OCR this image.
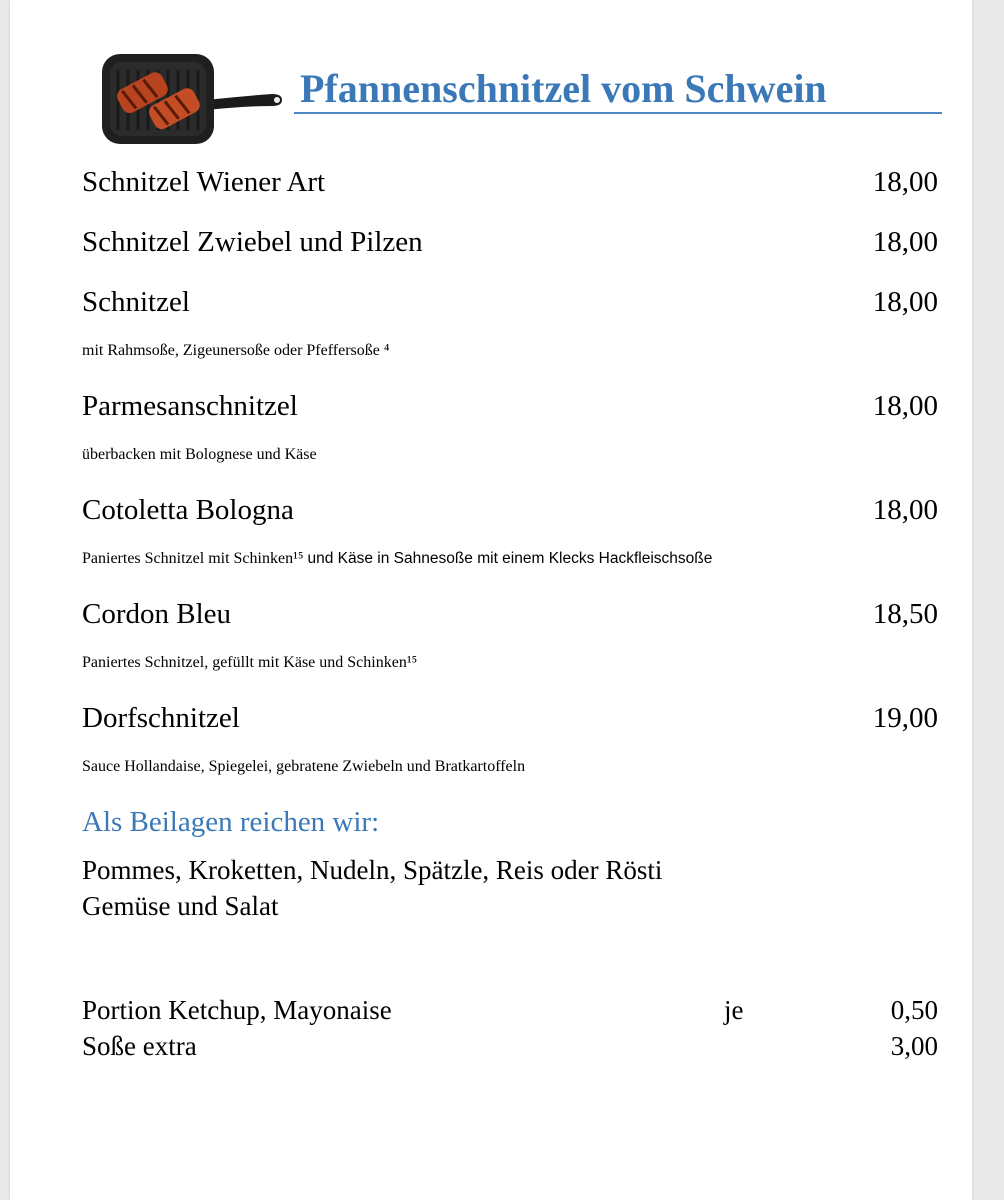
Pfannenschnitzel vom Schwein
Schnitzel Wiener Art	18,00
Schnitzel Zwiebel und Pilzen	18,00
Schnitzel	18,00
mit Rahmsoße, Zigeunersoße oder Pfeffersoße ⁴
Parmesanschnitzel	18,00
überbacken mit Bolognese und Käse
Cotoletta Bologna	18,00
Paniertes Schnitzel mit Schinken¹⁵ und Käse in Sahnesoße mit einem Klecks Hackfleischsoße
Cordon Bleu	18,50
Paniertes Schnitzel, gefüllt mit Käse und Schinken¹⁵
Dorfschnitzel	19,00
Sauce Hollandaise, Spiegelei, gebratene Zwiebeln und Bratkartoffeln
Als Beilagen reichen wir:
Pommes, Kroketten, Nudeln, Spätzle, Reis oder Rösti
Gemüse und Salat
Portion Ketchup, Mayonaise	je	0,50
Soße extra	3,00
